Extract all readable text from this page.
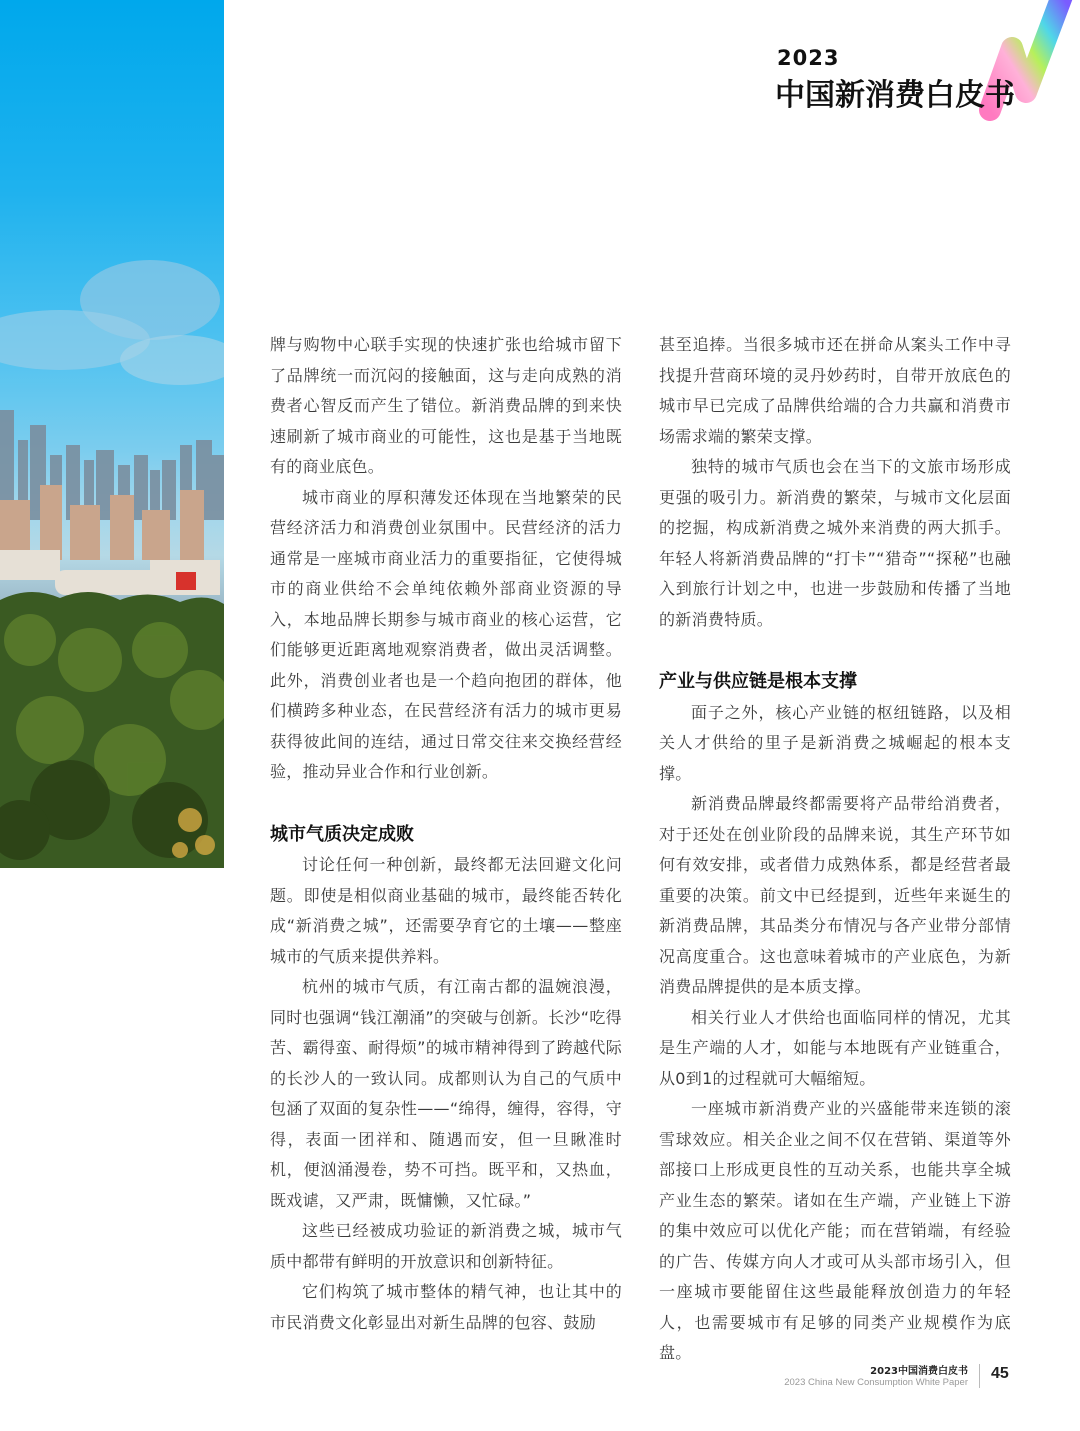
2023
中国新消费白皮书

牌与购物中心联手实现的快速扩张也给城市留下了品牌统一而沉闷的接触面，这与走向成熟的消费者心智反而产生了错位。新消费品牌的到来快速刷新了城市商业的可能性，这也是基于当地既有的商业底色。

城市商业的厚积薄发还体现在当地繁荣的民营经济活力和消费创业氛围中。民营经济的活力通常是一座城市商业活力的重要指征，它使得城市的商业供给不会单纯依赖外部商业资源的导入，本地品牌长期参与城市商业的核心运营，它们能够更近距离地观察消费者，做出灵活调整。此外，消费创业者也是一个趋向抱团的群体，他们横跨多种业态，在民营经济有活力的城市更易获得彼此间的连结，通过日常交往来交换经营经验，推动异业合作和行业创新。

城市气质决定成败

讨论任何一种创新，最终都无法回避文化问题。即使是相似商业基础的城市，最终能否转化成“新消费之城”，还需要孕育它的土壤——整座城市的气质来提供养料。

杭州的城市气质，有江南古都的温婉浪漫，同时也强调“钱江潮涌”的突破与创新。长沙“吃得苦、霸得蛮、耐得烦”的城市精神得到了跨越代际的长沙人的一致认同。成都则认为自己的气质中包涵了双面的复杂性——“绵得，缠得，容得，守得，表面一团祥和、随遇而安，但一旦瞅准时机，便汹涌漫卷，势不可挡。既平和，又热血，既戏谑，又严肃，既慵懒，又忙碌。”

这些已经被成功验证的新消费之城，城市气质中都带有鲜明的开放意识和创新特征。

它们构筑了城市整体的精气神，也让其中的市民消费文化彰显出对新生品牌的包容、鼓励

甚至追捧。当很多城市还在拼命从案头工作中寻找提升营商环境的灵丹妙药时，自带开放底色的城市早已完成了品牌供给端的合力共赢和消费市场需求端的繁荣支撑。

独特的城市气质也会在当下的文旅市场形成更强的吸引力。新消费的繁荣，与城市文化层面的挖掘，构成新消费之城外来消费的两大抓手。年轻人将新消费品牌的“打卡”“猎奇”“探秘”也融入到旅行计划之中，也进一步鼓励和传播了当地的新消费特质。

产业与供应链是根本支撑

面子之外，核心产业链的枢纽链路，以及相关人才供给的里子是新消费之城崛起的根本支撑。

新消费品牌最终都需要将产品带给消费者，对于还处在创业阶段的品牌来说，其生产环节如何有效安排，或者借力成熟体系，都是经营者最重要的决策。前文中已经提到，近些年来诞生的新消费品牌，其品类分布情况与各产业带分部情况高度重合。这也意味着城市的产业底色，为新消费品牌提供的是本质支撑。

相关行业人才供给也面临同样的情况，尤其是生产端的人才，如能与本地既有产业链重合，从0到1的过程就可大幅缩短。

一座城市新消费产业的兴盛能带来连锁的滚雪球效应。相关企业之间不仅在营销、渠道等外部接口上形成更良性的互动关系，也能共享全城产业生态的繁荣。诸如在生产端，产业链上下游的集中效应可以优化产能；而在营销端，有经验的广告、传媒方向人才或可从头部市场引入，但一座城市要能留住这些最能释放创造力的年轻人，也需要城市有足够的同类产业规模作为底盘。

2023中国消费白皮书
2023 China New Consumption White Paper
45
